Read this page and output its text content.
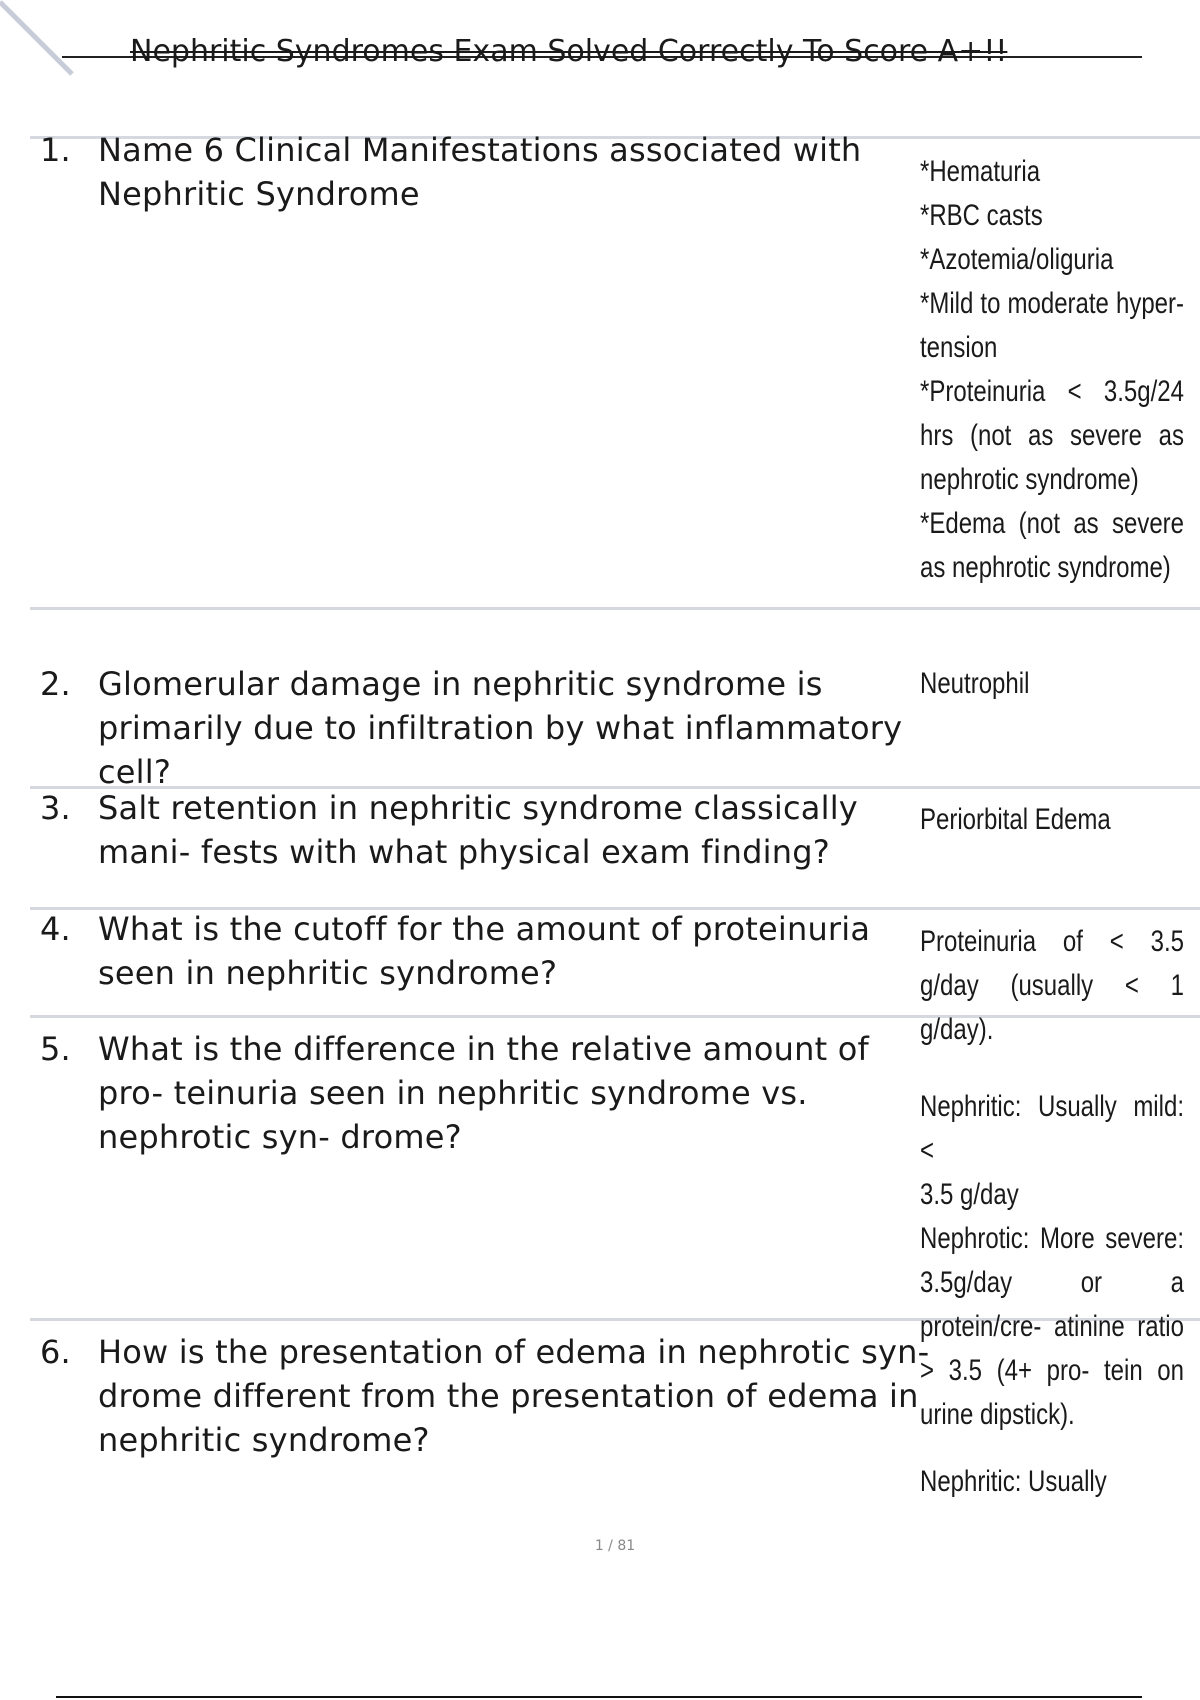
Nephritic Syndromes Exam Solved Correctly To Score A+!!
1. Name 6 Clinical Manifestations associated with Nephritic Syndrome

*Hematuria

*RBC casts

*Azotemia/oliguria

*Mild to moderate hyper- tension

*Proteinuria < 3.5g/24 hrs (not as severe as nephrotic syndrome)

*Edema (not as severe as nephrotic syndrome)

2. Glomerular damage in nephritic syndrome is primarily due to infiltration by what inflammatory cell?

Neutrophil

3. Salt retention in nephritic syndrome classically mani- fests with what physical exam finding?

Periorbital Edema

4. What is the cutoff for the amount of proteinuria seen in nephritic syndrome?

Proteinuria of < 3.5 g/day (usually < 1 g/day).

5. What is the difference in the relative amount of pro- teinuria seen in nephritic syndrome vs. nephrotic syn- drome?

Nephritic: Usually mild: <

3.5 g/day

Nephrotic: More severe: 3.5g/day or a protein/cre- atinine ratio > 3.5 (4+ pro- tein on urine dipstick).

6. How is the presentation of edema in nephrotic syn- drome different from the presentation of edema in nephritic syndrome?

Nephritic: Usually

1 / 81
